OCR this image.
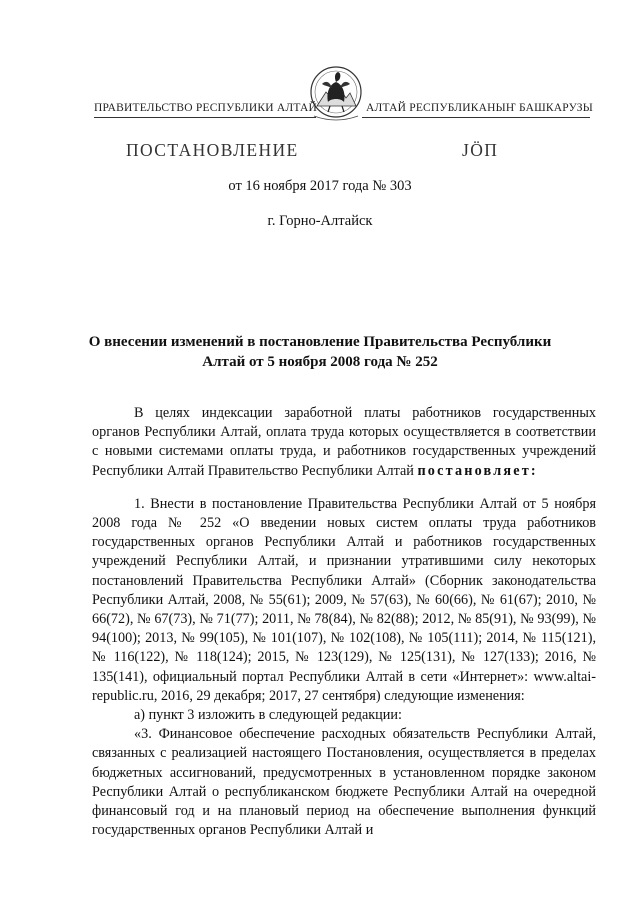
ПРАВИТЕЛЬСТВО РЕСПУБЛИКИ АЛТАЙ	АЛТАЙ РЕСПУБЛИКАНЫҤ БАШКАРУЗЫ
ПОСТАНОВЛЕНИЕ	JÖП
от 16 ноября 2017 года № 303
г. Горно-Алтайск
О внесении изменений в постановление Правительства Республики
Алтай от 5 ноября 2008 года № 252

В целях индексации заработной платы работников государственных органов Республики Алтай, оплата труда которых осуществляется в соответствии с новыми системами оплаты труда, и работников государственных учреждений Республики Алтай Правительство Республики Алтай постановляет:

1. Внести в постановление Правительства Республики Алтай от 5 ноября 2008 года № 252 «О введении новых систем оплаты труда работников государственных органов Республики Алтай и работников государственных учреждений Республики Алтай, и признании утратившими силу некоторых постановлений Правительства Республики Алтай» (Сборник законодательства Республики Алтай, 2008, № 55(61); 2009, № 57(63), № 60(66), № 61(67); 2010, № 66(72), № 67(73), № 71(77); 2011, № 78(84), № 82(88); 2012, № 85(91), № 93(99), № 94(100); 2013, № 99(105), № 101(107), № 102(108), № 105(111); 2014, № 115(121), № 116(122), № 118(124); 2015, № 123(129), № 125(131), № 127(133); 2016, № 135(141), официальный портал Республики Алтай в сети «Интернет»: www.altai-republic.ru, 2016, 29 декабря; 2017, 27 сентября) следующие изменения:

а) пункт 3 изложить в следующей редакции:

«3. Финансовое обеспечение расходных обязательств Республики Алтай, связанных с реализацией настоящего Постановления, осуществляется в пределах бюджетных ассигнований, предусмотренных в установленном порядке законом Республики Алтай о республиканском бюджете Республики Алтай на очередной финансовый год и на плановый период на обеспечение выполнения функций государственных органов Республики Алтай и
